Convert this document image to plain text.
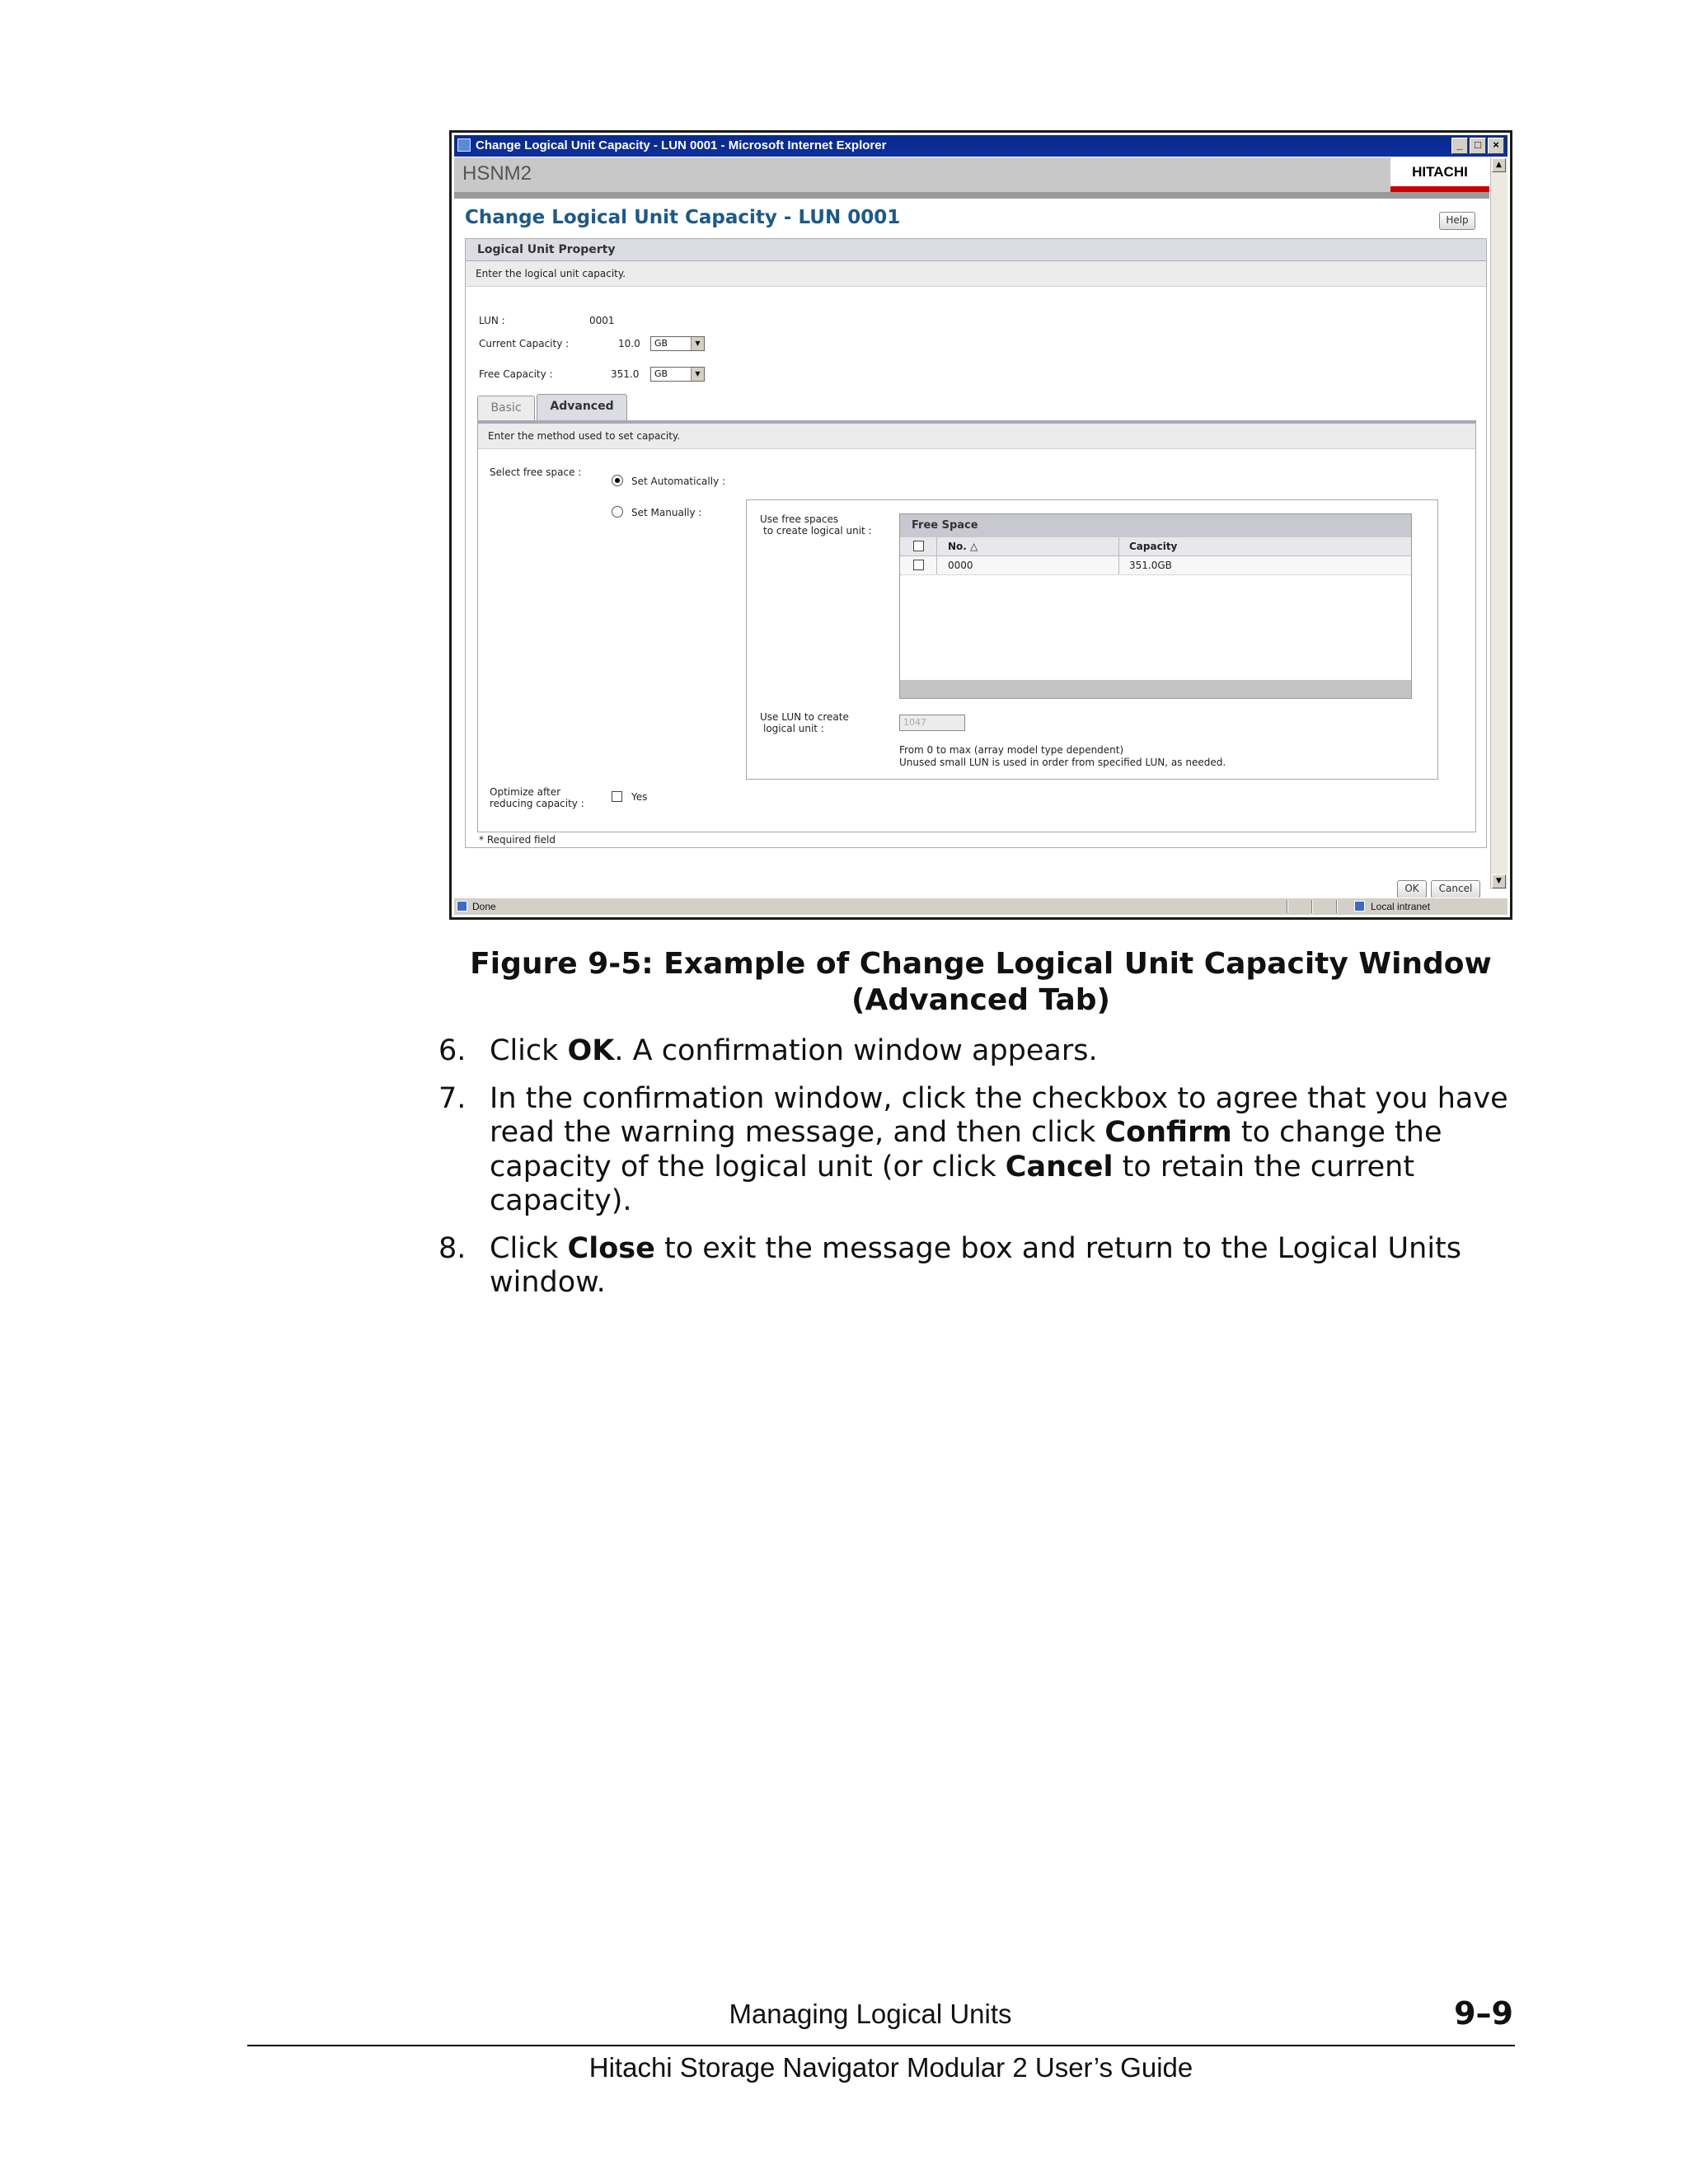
Change Logical Unit Capacity - LUN 0001 - Microsoft Internet Explorer	_	□	×
HSNM2	HITACHI	▲
▼
Change Logical Unit Capacity - LUN 0001	Help
Logical Unit Property
Enter the logical unit capacity.
LUN :	0001
Current Capacity :	10.0	GB	▼
Free Capacity :	351.0	GB	▼
Basic	Advanced
Enter the method used to set capacity.
Select free space :
Set Automatically :
Set Manually :
Use free spaces
to create logical unit :	Free Space
No. △	Capacity
0000	351.0GB
Use LUN to create
logical unit :
1047
From 0 to max (array model type dependent)
Unused small LUN is used in order from specified LUN, as needed.
Optimize after
reducing capacity :
Yes
* Required field
OK	Cancel
Done	Local intranet
Figure 9-5: Example of Change Logical Unit Capacity Window
(Advanced Tab)
6. Click OK. A confirmation window appears.
7. In the confirmation window, click the checkbox to agree that you have read the warning message, and then click Confirm to change the capacity of the logical unit (or click Cancel to retain the current capacity).
8. Click Close to exit the message box and return to the Logical Units window.
Managing Logical Units	9–9
Hitachi Storage Navigator Modular 2 User’s Guide
